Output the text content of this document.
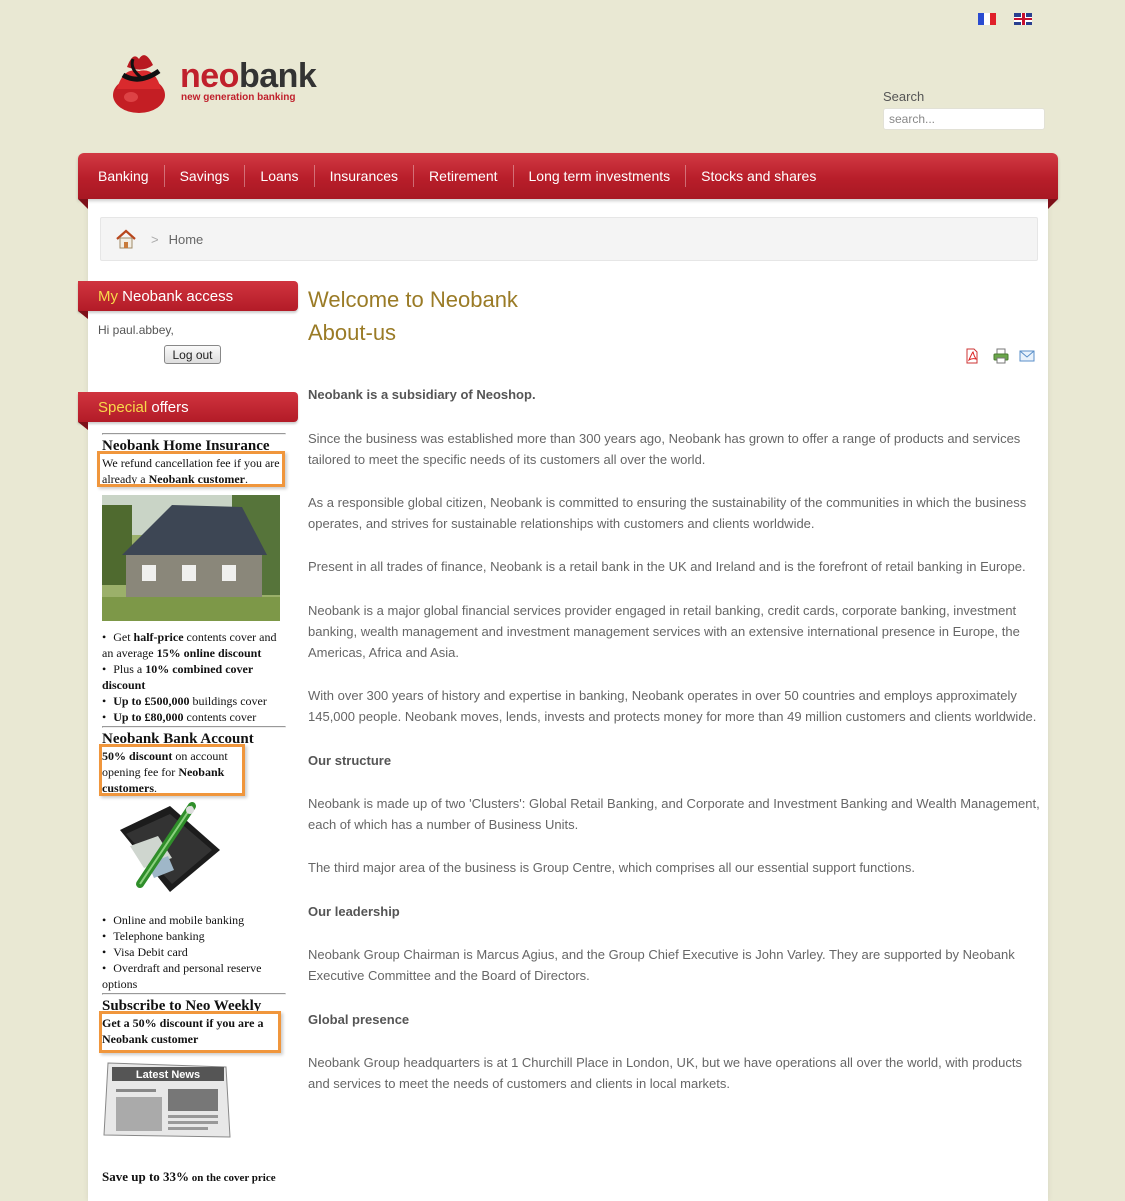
neobank
new generation banking	Search
search...
Banking	Savings	Loans	Insurances	Retirement	Long term investments	Stocks and shares
> Home
My Neobank access
Hi paul.abbey,
Log out
Special offers
Neobank Home Insurance
We refund cancellation fee if you are already a Neobank customer.
• Get half-price contents cover and an average 15% online discount
• Plus a 10% combined cover discount
• Up to £500,000 buildings cover
• Up to £80,000 contents cover
Neobank Bank Account
50% discount on account opening fee for Neobank customers.
• Online and mobile banking
• Telephone banking
• Visa Debit card
• Overdraft and personal reserve options
Subscribe to Neo Weekly
Get a 50% discount if you are a Neobank customer
Latest News
Save up to 33% on the cover price
Welcome to Neobank
About-us

Neobank is a subsidiary of Neoshop.

Since the business was established more than 300 years ago, Neobank has grown to offer a range of products and services tailored to meet the specific needs of its customers all over the world.

As a responsible global citizen, Neobank is committed to ensuring the sustainability of the communities in which the business operates, and strives for sustainable relationships with customers and clients worldwide.

Present in all trades of finance, Neobank is a retail bank in the UK and Ireland and is the forefront of retail banking in Europe.

Neobank is a major global financial services provider engaged in retail banking, credit cards, corporate banking, investment banking, wealth management and investment management services with an extensive international presence in Europe, the Americas, Africa and Asia.

With over 300 years of history and expertise in banking, Neobank operates in over 50 countries and employs approximately 145,000 people. Neobank moves, lends, invests and protects money for more than 49 million customers and clients worldwide.

Our structure

Neobank is made up of two 'Clusters': Global Retail Banking, and Corporate and Investment Banking and Wealth Management, each of which has a number of Business Units.

The third major area of the business is Group Centre, which comprises all our essential support functions.

Our leadership

Neobank Group Chairman is Marcus Agius, and the Group Chief Executive is John Varley. They are supported by Neobank Executive Committee and the Board of Directors.

Global presence

Neobank Group headquarters is at 1 Churchill Place in London, UK, but we have operations all over the world, with products and services to meet the needs of customers and clients in local markets.
